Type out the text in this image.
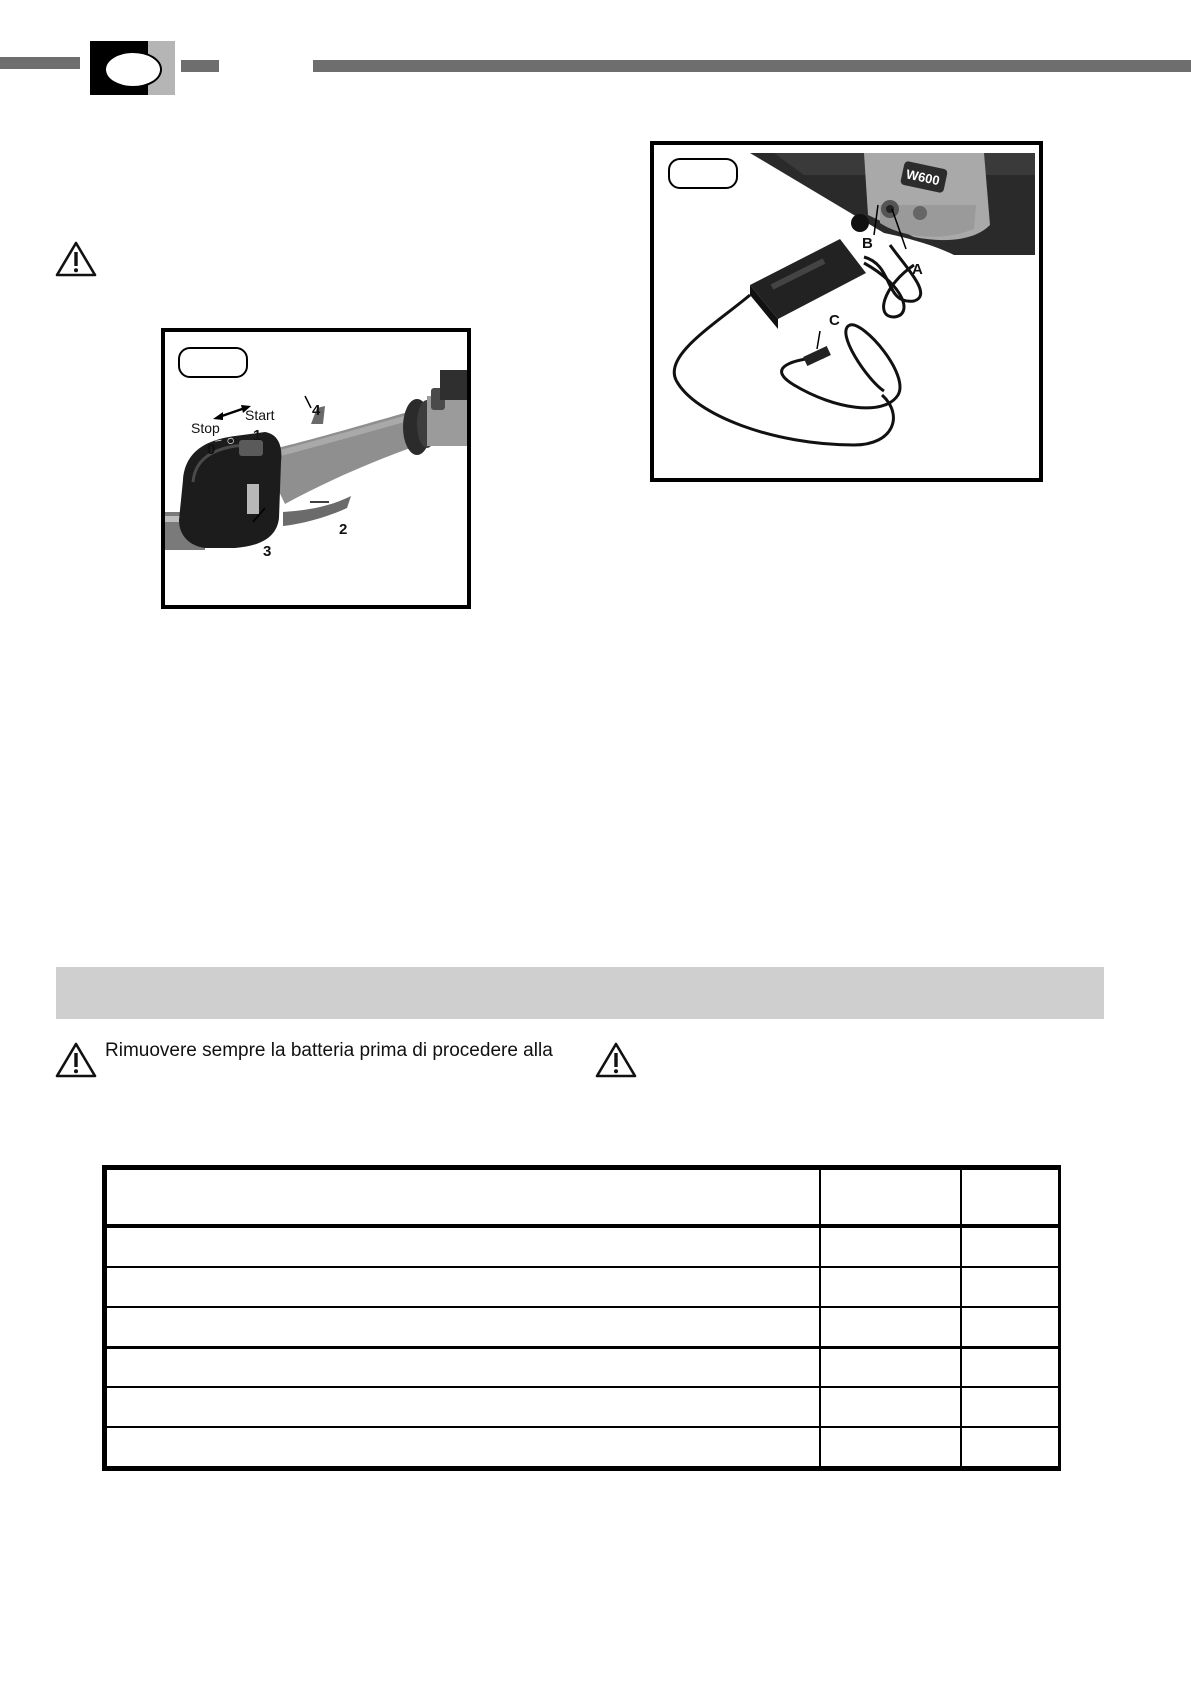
I O
Stop
Start
0
1
4
2
3
W600
B
A
C
Rimuovere sempre la batteria prima di procedere alla
